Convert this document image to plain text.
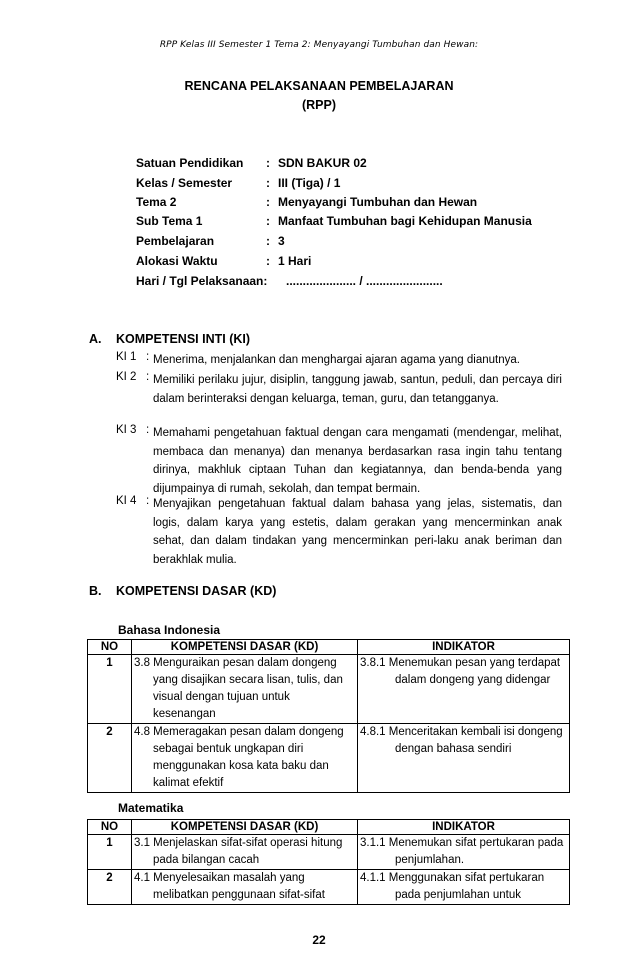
RPP Kelas III Semester 1 Tema 2: Menyayangi Tumbuhan dan Hewan:
RENCANA PELAKSANAAN PEMBELAJARAN
(RPP)
Satuan Pendidikan : SDN BAKUR 02
Kelas / Semester	: III (Tiga) / 1
Tema 2	: Menyayangi Tumbuhan dan Hewan
Sub Tema 1	: Manfaat Tumbuhan bagi Kehidupan Manusia
Pembelajaran	: 3
Alokasi Waktu	: 1 Hari
Hari / Tgl Pelaksanaan: ..................... / .......................
A. KOMPETENSI INTI (KI)
KI 1 : Menerima, menjalankan dan menghargai ajaran agama yang dianutnya.
KI 2 : Memiliki perilaku jujur, disiplin, tanggung jawab, santun, peduli, dan percaya diri dalam berinteraksi dengan keluarga, teman, guru, dan tetangganya.
KI 3 : Memahami pengetahuan faktual dengan cara mengamati (mendengar, melihat, membaca dan menanya) dan menanya berdasarkan rasa ingin tahu tentang dirinya, makhluk ciptaan Tuhan dan kegiatannya, dan benda-benda yang dijumpainya di rumah, sekolah, dan tempat bermain.
KI 4 : Menyajikan pengetahuan faktual dalam bahasa yang jelas, sistematis, dan logis, dalam karya yang estetis, dalam gerakan yang mencerminkan anak sehat, dan dalam tindakan yang mencerminkan peri-laku anak beriman dan berakhlak mulia.
B. KOMPETENSI DASAR (KD)
Bahasa Indonesia
NO	KOMPETENSI DASAR (KD)	INDIKATOR
1	3.8 Menguraikan pesan dalam dongeng yang disajikan secara lisan, tulis, dan visual dengan tujuan untuk kesenangan	3.8.1 Menemukan pesan yang terdapat dalam dongeng yang didengar

2	4.8 Memeragakan pesan dalam dongeng sebagai bentuk ungkapan diri menggunakan kosa kata baku dan kalimat efektif	4.8.1 Menceritakan kembali isi dongeng dengan bahasa sendiri
Matematika
NO	KOMPETENSI DASAR (KD)	INDIKATOR
1	3.1 Menjelaskan sifat-sifat operasi hitung pada bilangan cacah	3.1.1 Menemukan sifat pertukaran pada penjumlahan.

2	4.1 Menyelesaikan masalah yang melibatkan penggunaan sifat-sifat	4.1.1 Menggunakan sifat pertukaran pada penjumlahan untuk
22
